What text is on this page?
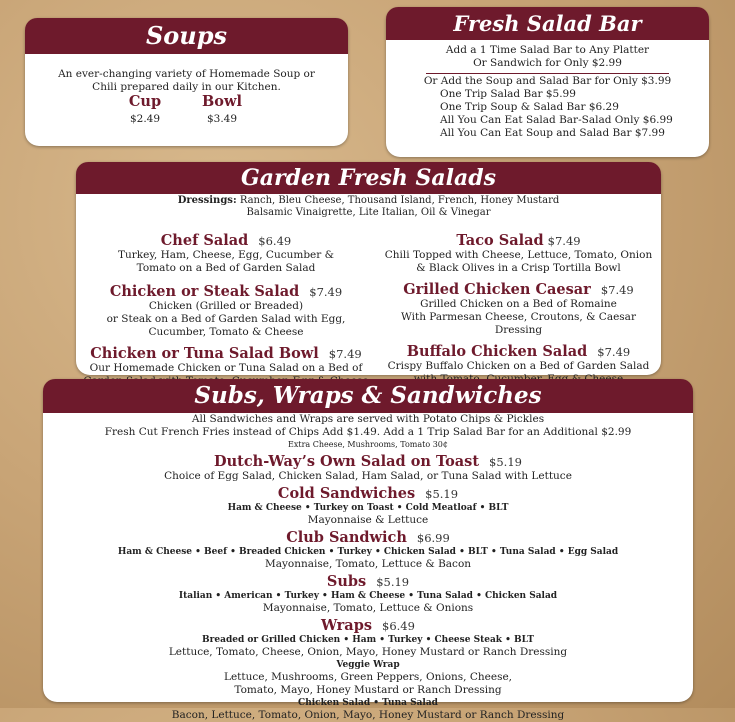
Soups
An ever-changing variety of Homemade Soup or
Chili prepared daily in our Kitchen.
Cup
$2.49
Bowl
$3.49
Fresh Salad Bar
Add a 1 Time Salad Bar to Any Platter
Or Sandwich for Only $2.99
Or Add the Soup and Salad Bar for Only $3.99
One Trip Salad Bar $5.99
One Trip Soup & Salad Bar $6.29
All You Can Eat Salad Bar-Salad Only $6.99
All You Can Eat Soup and Salad Bar $7.99
Garden Fresh Salads
Dressings: Ranch, Bleu Cheese, Thousand Island, French, Honey Mustard
Balsamic Vinaigrette, Lite Italian, Oil & Vinegar
Chef Salad $6.49
Turkey, Ham, Cheese, Egg, Cucumber &
Tomato on a Bed of Garden Salad
Chicken or Steak Salad $7.49
Chicken (Grilled or Breaded)
or Steak on a Bed of Garden Salad with Egg,
Cucumber, Tomato & Cheese
Chicken or Tuna Salad Bowl $7.49
Our Homemade Chicken or Tuna Salad on a Bed of
Taco Salad $7.49
Chili Topped with Cheese, Lettuce, Tomato, Onion
& Black Olives in a Crisp Tortilla Bowl
Grilled Chicken Caesar $7.49
Grilled Chicken on a Bed of Romaine
With Parmesan Cheese, Croutons, & Caesar Dressing
Buffalo Chicken Salad $7.49
Crispy Buffalo Chicken on a Bed of Garden Salad
Subs, Wraps & Sandwiches
All Sandwiches and Wraps are served with Potato Chips & Pickles
Fresh Cut French Fries instead of Chips Add $1.49. Add a 1 Trip Salad Bar for an Additional $2.99
Extra Cheese, Mushrooms, Tomato 30¢
Dutch-Way’s Own Salad on Toast $5.19
Choice of Egg Salad, Chicken Salad, Ham Salad, or Tuna Salad with Lettuce
Cold Sandwiches $5.19
Ham & Cheese • Turkey on Toast • Cold Meatloaf • BLT
Mayonnaise & Lettuce
Club Sandwich $6.99
Ham & Cheese • Beef • Breaded Chicken • Turkey • Chicken Salad • BLT • Tuna Salad • Egg Salad
Mayonnaise, Tomato, Lettuce & Bacon
Subs $5.19
Italian • American • Turkey • Ham & Cheese • Tuna Salad • Chicken Salad
Mayonnaise, Tomato, Lettuce & Onions
Wraps $6.49
Breaded or Grilled Chicken • Ham • Turkey • Cheese Steak • BLT
Lettuce, Tomato, Cheese, Onion, Mayo, Honey Mustard or Ranch Dressing
Veggie Wrap
Lettuce, Mushrooms, Green Peppers, Onions, Cheese,
Tomato, Mayo, Honey Mustard or Ranch Dressing
Chicken Salad • Tuna Salad
Bacon, Lettuce, Tomato, Onion, Mayo, Honey Mustard or Ranch Dressing
